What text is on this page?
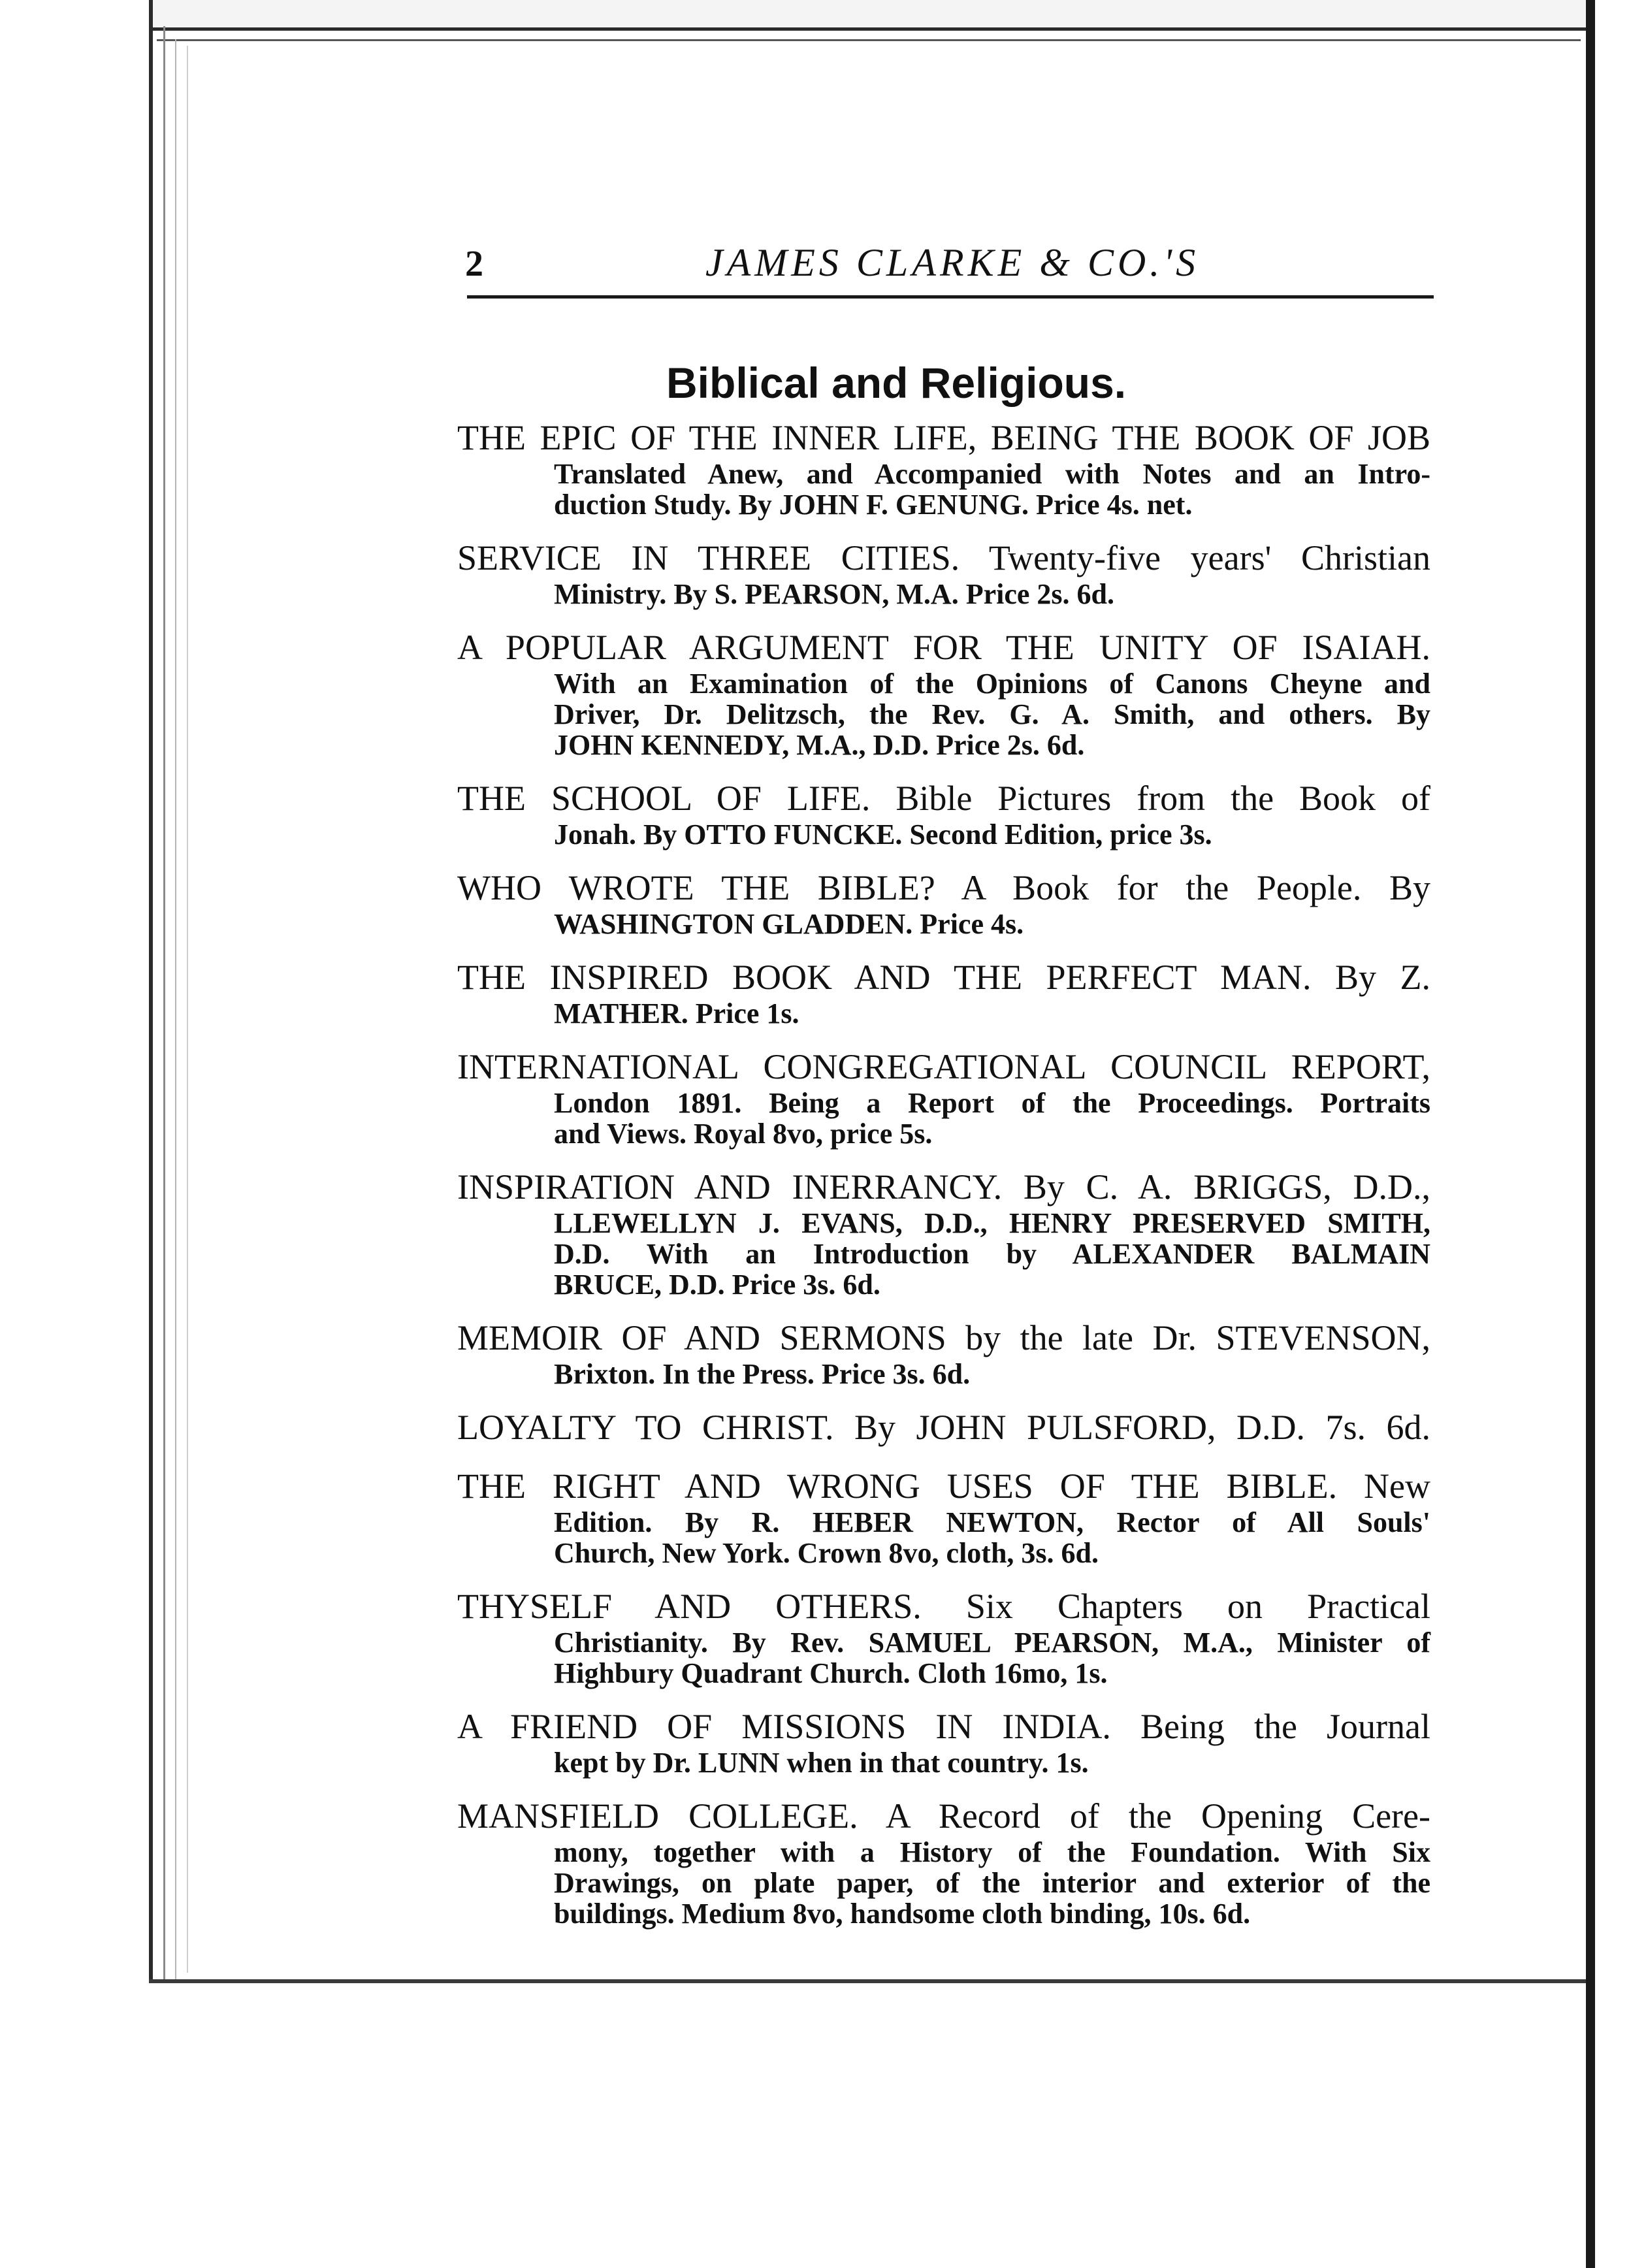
2	JAMES CLARKE & CO.'S
Biblical and Religious.
THE EPIC OF THE INNER LIFE, BEING THE BOOK OF JOB
Translated Anew, and Accompanied with Notes and an Intro-
duction Study. By JOHN F. GENUNG. Price 4s. net.
SERVICE IN THREE CITIES. Twenty-five years' Christian
Ministry. By S. PEARSON, M.A. Price 2s. 6d.
A POPULAR ARGUMENT FOR THE UNITY OF ISAIAH.
With an Examination of the Opinions of Canons Cheyne and
Driver, Dr. Delitzsch, the Rev. G. A. Smith, and others. By
JOHN KENNEDY, M.A., D.D. Price 2s. 6d.
THE SCHOOL OF LIFE. Bible Pictures from the Book of
Jonah. By OTTO FUNCKE. Second Edition, price 3s.
WHO WROTE THE BIBLE? A Book for the People. By
WASHINGTON GLADDEN. Price 4s.
THE INSPIRED BOOK AND THE PERFECT MAN. By Z.
MATHER. Price 1s.
INTERNATIONAL CONGREGATIONAL COUNCIL REPORT,
London 1891. Being a Report of the Proceedings. Portraits
and Views. Royal 8vo, price 5s.
INSPIRATION AND INERRANCY. By C. A. BRIGGS, D.D.,
LLEWELLYN J. EVANS, D.D., HENRY PRESERVED SMITH,
D.D. With an Introduction by ALEXANDER BALMAIN
BRUCE, D.D. Price 3s. 6d.
MEMOIR OF AND SERMONS by the late Dr. STEVENSON,
Brixton. In the Press. Price 3s. 6d.
LOYALTY TO CHRIST. By JOHN PULSFORD, D.D. 7s. 6d.
THE RIGHT AND WRONG USES OF THE BIBLE. New
Edition. By R. HEBER NEWTON, Rector of All Souls'
Church, New York. Crown 8vo, cloth, 3s. 6d.
THYSELF AND OTHERS. Six Chapters on Practical
Christianity. By Rev. SAMUEL PEARSON, M.A., Minister of
Highbury Quadrant Church. Cloth 16mo, 1s.
A FRIEND OF MISSIONS IN INDIA. Being the Journal
kept by Dr. LUNN when in that country. 1s.
MANSFIELD COLLEGE. A Record of the Opening Cere-
mony, together with a History of the Foundation. With Six
Drawings, on plate paper, of the interior and exterior of the
buildings. Medium 8vo, handsome cloth binding, 10s. 6d.
